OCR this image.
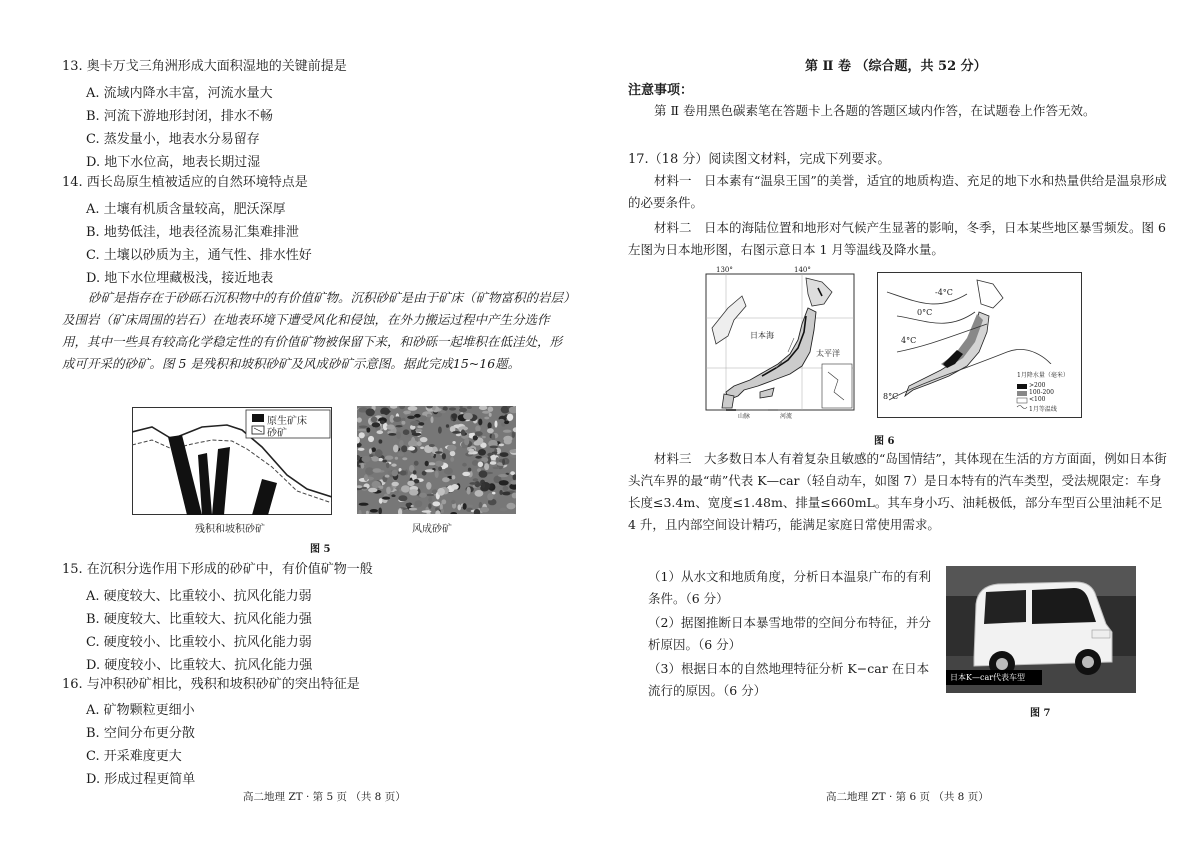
13. 奥卡万戈三角洲形成大面积湿地的关键前提是
A. 流域内降水丰富，河流水量大
B. 河流下游地形封闭，排水不畅
C. 蒸发量小，地表水分易留存
D. 地下水位高，地表长期过湿
14. 西长岛原生植被适应的自然环境特点是
A. 土壤有机质含量较高，肥沃深厚
B. 地势低洼，地表径流易汇集难排泄
C. 土壤以砂质为主，通气性、排水性好
D. 地下水位埋藏极浅，接近地表
砂矿是指存在于砂砾石沉积物中的有价值矿物。沉积砂矿是由于矿床（矿物富积的岩层）及围岩（矿床周围的岩石）在地表环境下遭受风化和侵蚀，在外力搬运过程中产生分选作用，其中一些具有较高化学稳定性的有价值矿物被保留下来，和砂砾一起堆积在低洼处，形成可开采的砂矿。图 5 是残积和坡积砂矿及风成砂矿示意图。据此完成15~16题。
原生矿床
砂矿
残积和坡积砂矿	风成砂矿
图 5
15. 在沉积分选作用下形成的砂矿中，有价值矿物一般
A. 硬度较大、比重较小、抗风化能力弱
B. 硬度较大、比重较大、抗风化能力强
C. 硬度较小、比重较小、抗风化能力弱
D. 硬度较小、比重较大、抗风化能力强
16. 与冲积砂矿相比，残积和坡积砂矿的突出特征是
A. 矿物颗粒更细小
B. 空间分布更分散
C. 开采难度更大
D. 形成过程更简单
高二地理 ZT · 第 5 页 （共 8 页）
第 Ⅱ 卷 （综合题，共 52 分）
注意事项：
第 Ⅱ 卷用黑色碳素笔在答题卡上各题的答题区域内作答，在试题卷上作答无效。
17.（18 分）阅读图文材料，完成下列要求。
材料一　日本素有“温泉王国”的美誉，适宜的地质构造、充足的地下水和热量供给是温泉形成的必要条件。
材料二　日本的海陆位置和地形对气候产生显著的影响，冬季，日本某些地区暴雪频发。图 6 左图为日本地形图，右图示意日本 1 月等温线及降水量。
130°	140°
日本海
太平洋
山脉	河流
-4°C
0°C
4°C
8°C
1月降水量（毫米）
>200
100-200
<100
1月等温线
图 6
材料三　大多数日本人有着复杂且敏感的“岛国情结”，其体现在生活的方方面面，例如日本街头汽车界的最“萌”代表 K—car（轻自动车，如图 7）是日本特有的汽车类型，受法规限定：车身长度≤3.4m、宽度≤1.48m、排量≤660mL。其车身小巧、油耗极低，部分车型百公里油耗不足 4 升，且内部空间设计精巧，能满足家庭日常使用需求。
（1）从水文和地质角度，分析日本温泉广布的有利条件。（6 分）
（2）据图推断日本暴雪地带的空间分布特征，并分析原因。（6 分）
（3）根据日本的自然地理特征分析 K−car 在日本流行的原因。（6 分）
日本K—car代表车型
图 7
高二地理 ZT · 第 6 页 （共 8 页）
